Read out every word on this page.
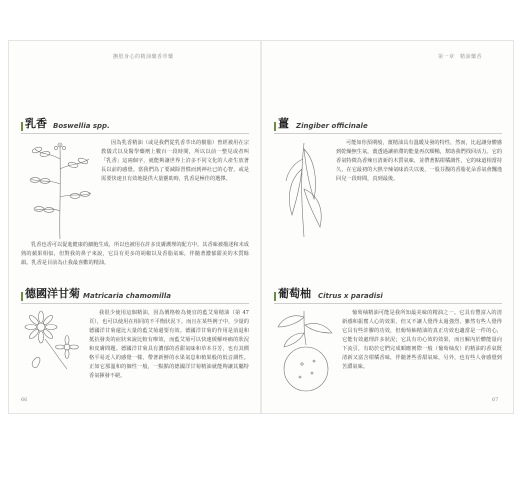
撫慰身心的精油藥香草藥
乳香 Boswellia spp.

因為乳香精油（或是我們從乳香萃出的樹脂）曾經被用在宗教儀式以及醫學藥劑上數百一段時間，所以以前一整見或者叫「乳香」這兩個字，就能夠讓世界上許多不同文化的人產生放著長以前的感覺。當我們為了要減除習慣而到神社已的心智，或是需要快速且有效地提供大量靈助時，乳香是極佳的選擇。

乳香也香可以促進健康的細胞生成，所以也被用在許多皮膚護理的配方中。其香味被描述和未成熟的蘋果相似，但對我的鼻子來說，它具有更多的胡椒以及香脂氣味，伴隨著濃郁甜美的木質餘韻。乳香是目前為止我最喜歡的精油。

德國洋甘菊 Matricaria chamomilla

我很少使用這個精油，因為價格較為便宜的藍艾菊精油（第 47 頁），也可以使用在相同的不平衡狀況下。而且在某些例子中，少量的德國洋甘菊還比大量的藍艾菊還要有效。德國洋甘菊的作用是消退和抵抗發炎的症狀來說比較有療效，而藍艾菊可以快速緩解疼痛的狀況和皮膚問題。德國洋甘菊具有濃郁的香甜氣味和草本芬芳，也有其價格平易近人的感覺一樣，帶著新鮮的水果氣息和植果般的低音調性。正如它那溫和的個性一般，一點點的德國洋甘菊精油就能夠讓其屬特香氣揮發不絕。

66
第一章　精油藥香
薑 Zingiber officinale

可能如你預期般，薑精油具有溫暖及發的特性，然而，比起讓身體感到乾燥無生氣，薑透過讓瘀滯的能量再次順暢，幫助我們找回活力。它的香氣特徵為香辣且清新的木質氣味，並帶著點柑橘調性，它的味道相當持久，在它最初的大熱辛辣氣味消失以後，一股芬馥的香脂花朵香氣會飄逸回兒一段時間，真到最後。

葡萄柚 Citrus x paradisi

葡萄柚精油可能是我所知最美味的精油之一。它具有豐富入的清新感和振奮人心的效果，但又不讓人覺得太過強烈，雖然有些人覺得它具有些許膠的功效，但葡萄柚精油的真正功效也適當是一件的心，它能有效處理許多狀況；它具有功心效的效果，而且解內於體能量向下流引，有助於它們完成順應實際一般（葡萄柚皮）的精油的香氣既清新又富含柑橘香味，伴隨著些香甜氣味，另外，也有些人會感覺到苦澀氣味。

67
